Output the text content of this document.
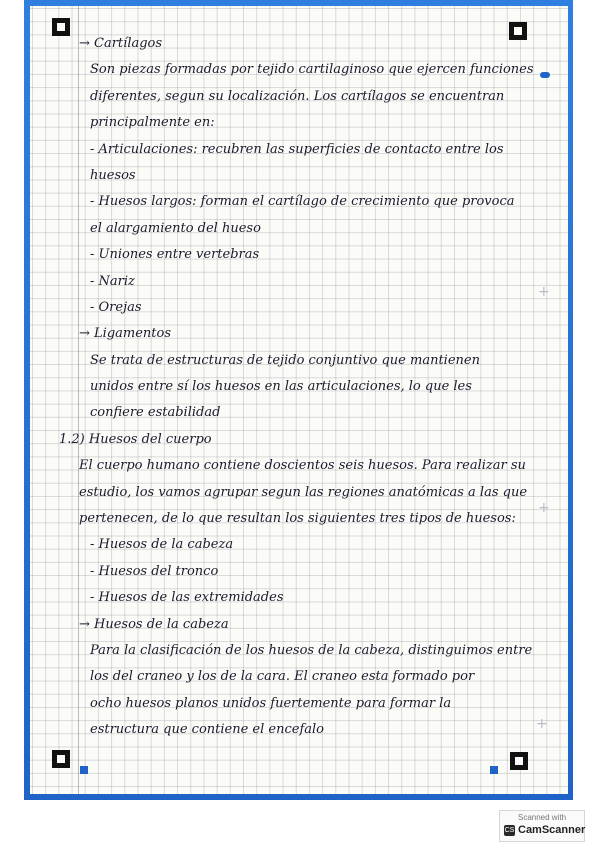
+
+
+
→ Cartílagos
Son piezas formadas por tejido cartilaginoso que ejercen funciones
diferentes, segun su localización. Los cartílagos se encuentran
principalmente en:
- Articulaciones: recubren las superficies de contacto entre los
huesos
- Huesos largos: forman el cartílago de crecimiento que provoca
el alargamiento del hueso
- Uniones entre vertebras
- Nariz
- Orejas
→ Ligamentos
Se trata de estructuras de tejido conjuntivo que mantienen
unidos entre sí los huesos en las articulaciones, lo que les
confiere estabilidad
1.2) Huesos del cuerpo
El cuerpo humano contiene doscientos seis huesos. Para realizar su
estudio, los vamos agrupar segun las regiones anatómicas a las que
pertenecen, de lo que resultan los siguientes tres tipos de huesos:
- Huesos de la cabeza
- Huesos del tronco
- Huesos de las extremidades
→ Huesos de la cabeza
Para la clasificación de los huesos de la cabeza, distinguimos entre
los del craneo y los de la cara. El craneo esta formado por
ocho huesos planos unidos fuertemente para formar la
estructura que contiene el encefalo
Scanned with
CS CamScanner
